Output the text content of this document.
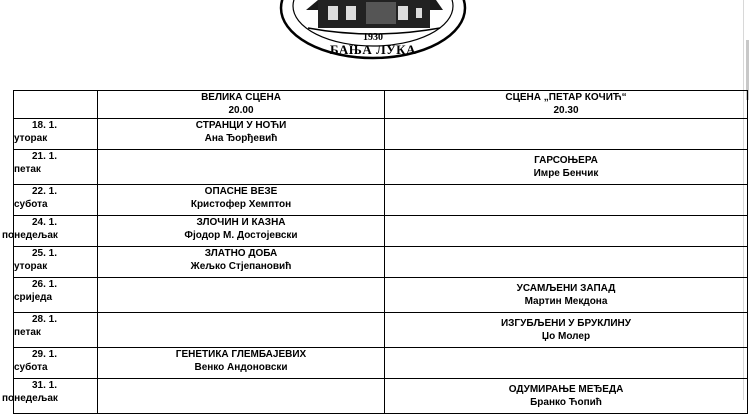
1930
БАЊА ЛУКА

	ВЕЛИКА СЦЕНА
20.00	СЦЕНА „ПЕТАР КОЧИЋ“
20.30

18. 1.
уторак	СТРАНЦИ У НОЋИ
Ана Ђорђевић	

21. 1.
петак		ГАРСОЊЕРА
Имре Бенчик

22. 1.
субота	ОПАСНЕ ВЕЗЕ
Кристофер Хемптон	

24. 1.
понедељак	ЗЛОЧИН И КАЗНА
Фјодор М. Достојевски	

25. 1.
уторак	ЗЛАТНО ДОБА
Жељко Стјепановић	

26. 1.
сриједа		УСАМЉЕНИ ЗАПАД
Мартин Мекдона

28. 1.
петак		ИЗГУБЉЕНИ У БРУКЛИНУ
Џо Молер

29. 1.
субота	ГЕНЕТИКА ГЛЕМБАЈЕВИХ
Венко Андоновски	

31. 1.
понедељак		ОДУМИРАЊЕ МЕЂЕДА
Бранко Ћопић
